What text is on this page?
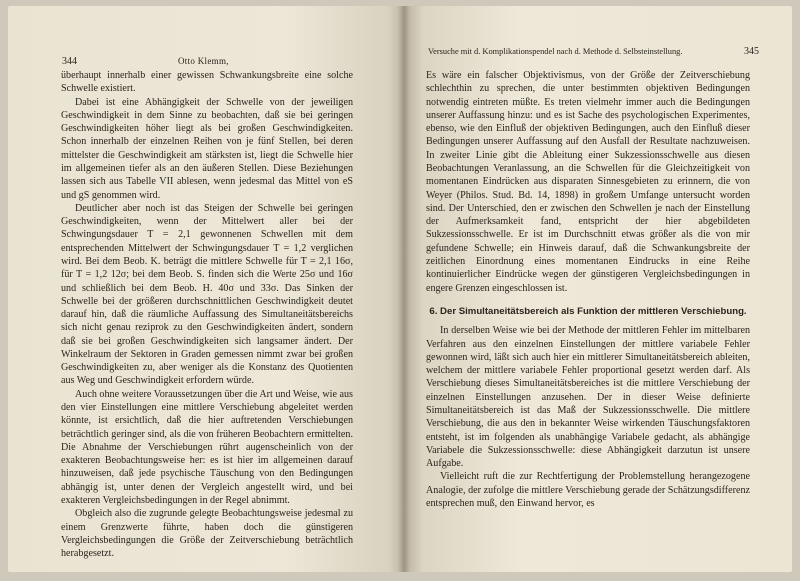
344	Otto Klemm,

überhaupt innerhalb einer gewissen Schwankungsbreite eine solche Schwelle existiert.

Dabei ist eine Abhängigkeit der Schwelle von der jeweiligen Geschwindigkeit in dem Sinne zu beobachten, daß sie bei geringen Geschwindigkeiten höher liegt als bei großen Geschwindigkeiten. Schon innerhalb der einzelnen Reihen von je fünf Stellen, bei deren mittelster die Geschwindigkeit am stärksten ist, liegt die Schwelle hier im allgemeinen tiefer als an den äußeren Stellen. Diese Beziehungen lassen sich aus Tabelle VII ablesen, wenn jedesmal das Mittel von eS und gS genommen wird.

Deutlicher aber noch ist das Steigen der Schwelle bei geringen Geschwindigkeiten, wenn der Mittelwert aller bei der Schwingungsdauer T = 2,1 gewonnenen Schwellen mit dem entsprechenden Mittelwert der Schwingungsdauer T = 1,2 verglichen wird. Bei dem Beob. K. beträgt die mittlere Schwelle für T = 2,1 16σ, für T = 1,2 12σ; bei dem Beob. S. finden sich die Werte 25σ und 16σ und schließlich bei dem Beob. H. 40σ und 33σ. Das Sinken der Schwelle bei der größeren durchschnittlichen Geschwindigkeit deutet darauf hin, daß die räumliche Auffassung des Simultaneitätsbereichs sich nicht genau reziprok zu den Geschwindigkeiten ändert, sondern daß sie bei großen Geschwindigkeiten sich langsamer ändert. Der Winkelraum der Sektoren in Graden gemessen nimmt zwar bei großen Geschwindigkeiten zu, aber weniger als die Konstanz des Quotienten aus Weg und Geschwindigkeit erfordern würde.

Auch ohne weitere Voraussetzungen über die Art und Weise, wie aus den vier Einstellungen eine mittlere Verschiebung abgeleitet werden könnte, ist ersichtlich, daß die hier auftretenden Verschiebungen beträchtlich geringer sind, als die von früheren Beobachtern ermittelten. Die Abnahme der Verschiebungen rührt augenscheinlich von der exakteren Beobachtungsweise her: es ist hier im allgemeinen darauf hinzuweisen, daß jede psychische Täuschung von den Bedingungen abhängig ist, unter denen der Vergleich angestellt wird, und bei exakteren Vergleichsbedingungen in der Regel abnimmt.

Obgleich also die zugrunde gelegte Beobachtungsweise jedesmal zu einem Grenzwerte führte, haben doch die günstigeren Vergleichsbedingungen die Größe der Zeitverschiebung beträchtlich herabgesetzt.

Versuche mit d. Komplikationspendel nach d. Methode d. Selbsteinstellung.	345

Es wäre ein falscher Objektivismus, von der Größe der Zeitverschiebung schlechthin zu sprechen, die unter bestimmten objektiven Bedingungen notwendig eintreten müßte. Es treten vielmehr immer auch die Bedingungen unserer Auffassung hinzu: und es ist Sache des psychologischen Experimentes, ebenso, wie den Einfluß der objektiven Bedingungen, auch den Einfluß dieser Bedingungen unserer Auffassung auf den Ausfall der Resultate nachzuweisen. In zweiter Linie gibt die Ableitung einer Sukzessionsschwelle aus diesen Beobachtungen Veranlassung, an die Schwellen für die Gleichzeitigkeit von momentanen Eindrücken aus disparaten Sinnesgebieten zu erinnern, die von Weyer (Philos. Stud. Bd. 14, 1898) in großem Umfange untersucht worden sind. Der Unterschied, den er zwischen den Schwellen je nach der Einstellung der Aufmerksamkeit fand, entspricht der hier abgebildeten Sukzessionsschwelle. Er ist im Durchschnitt etwas größer als die von mir gefundene Schwelle; ein Hinweis darauf, daß die Schwankungsbreite der zeitlichen Einordnung eines momentanen Eindrucks in eine Reihe kontinuierlicher Eindrücke wegen der günstigeren Vergleichsbedingungen in engere Grenzen eingeschlossen ist.

6. Der Simultaneitätsbereich als Funktion der mittleren Verschiebung.

In derselben Weise wie bei der Methode der mittleren Fehler im mittelbaren Verfahren aus den einzelnen Einstellungen der mittlere variabele Fehler gewonnen wird, läßt sich auch hier ein mittlerer Simultaneitätsbereich ableiten, welchem der mittlere variabele Fehler proportional gesetzt werden darf. Als Verschiebung dieses Simultaneitätsbereiches ist die mittlere Verschiebung der einzelnen Einstellungen anzusehen. Der in dieser Weise definierte Simultaneitätsbereich ist das Maß der Sukzessionsschwelle. Die mittlere Verschiebung, die aus den in bekannter Weise wirkenden Täuschungsfaktoren entsteht, ist im folgenden als unabhängige Variabele gedacht, als abhängige Variabele die Sukzessionsschwelle: diese Abhängigkeit darzutun ist unsere Aufgabe.

Vielleicht ruft die zur Rechtfertigung der Problemstellung herangezogene Analogie, der zufolge die mittlere Verschiebung gerade der Schätzungsdifferenz entsprechen muß, den Einwand hervor, es
